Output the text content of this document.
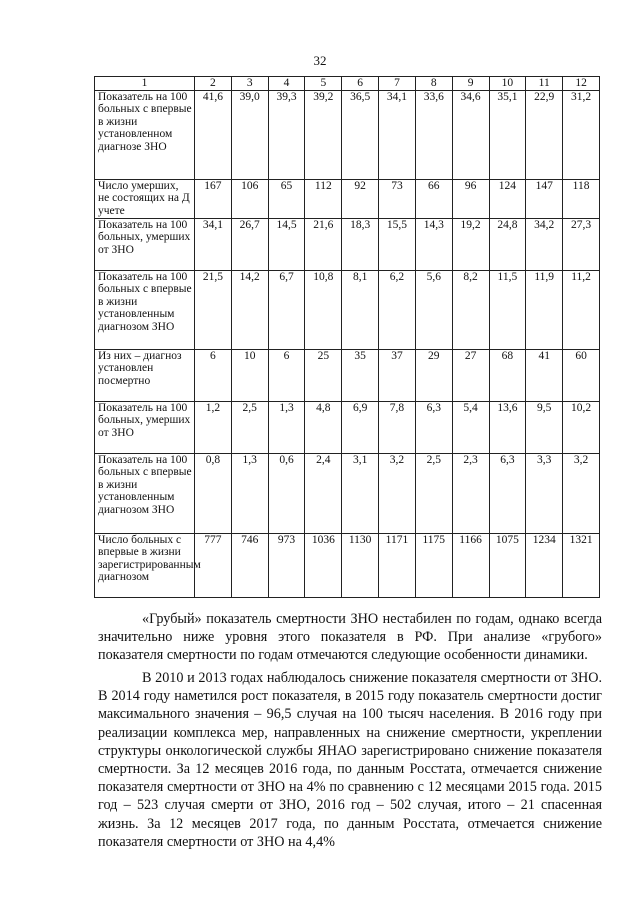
32
1	2	3	4	5	6	7	8	9	10	11	12
Показатель на 100 больных с впервые в жизни установленном диагнозе ЗНО	41,6	39,0	39,3	39,2	36,5	34,1	33,6	34,6	35,1	22,9	31,2
Число умерших, не состоящих на Д учете	167	106	65	112	92	73	66	96	124	147	118
Показатель на 100 больных, умерших от ЗНО	34,1	26,7	14,5	21,6	18,3	15,5	14,3	19,2	24,8	34,2	27,3
Показатель на 100 больных с впервые в жизни установленным диагнозом ЗНО	21,5	14,2	6,7	10,8	8,1	6,2	5,6	8,2	11,5	11,9	11,2
Из них – диагноз установлен посмертно	6	10	6	25	35	37	29	27	68	41	60
Показатель на 100 больных, умерших от ЗНО	1,2	2,5	1,3	4,8	6,9	7,8	6,3	5,4	13,6	9,5	10,2
Показатель на 100 больных с впервые в жизни установленным диагнозом ЗНО	0,8	1,3	0,6	2,4	3,1	3,2	2,5	2,3	6,3	3,3	3,2
Число больных с впервые в жизни зарегистрированным диагнозом	777	746	973	1036	1130	1171	1175	1166	1075	1234	1321

«Грубый» показатель смертности ЗНО нестабилен по годам, однако всегда значительно ниже уровня этого показателя в РФ. При анализе «грубого» показателя смертности по годам отмечаются следующие особенности динамики.

В 2010 и 2013 годах наблюдалось снижение показателя смертности от ЗНО. В 2014 году наметился рост показателя, в 2015 году показатель смертности достиг максимального значения – 96,5 случая на 100 тысяч населения. В 2016 году при реализации комплекса мер, направленных на снижение смертности, укреплении структуры онкологической службы ЯНАО зарегистрировано снижение показателя смертности. За 12 месяцев 2016 года, по данным Росстата, отмечается снижение показателя смертности от ЗНО на 4% по сравнению с 12 месяцами 2015 года. 2015 год – 523 случая смерти от ЗНО, 2016 год – 502 случая, итого – 21 спасенная жизнь. За 12 месяцев 2017 года, по данным Росстата, отмечается снижение показателя смертности от ЗНО на 4,4%
